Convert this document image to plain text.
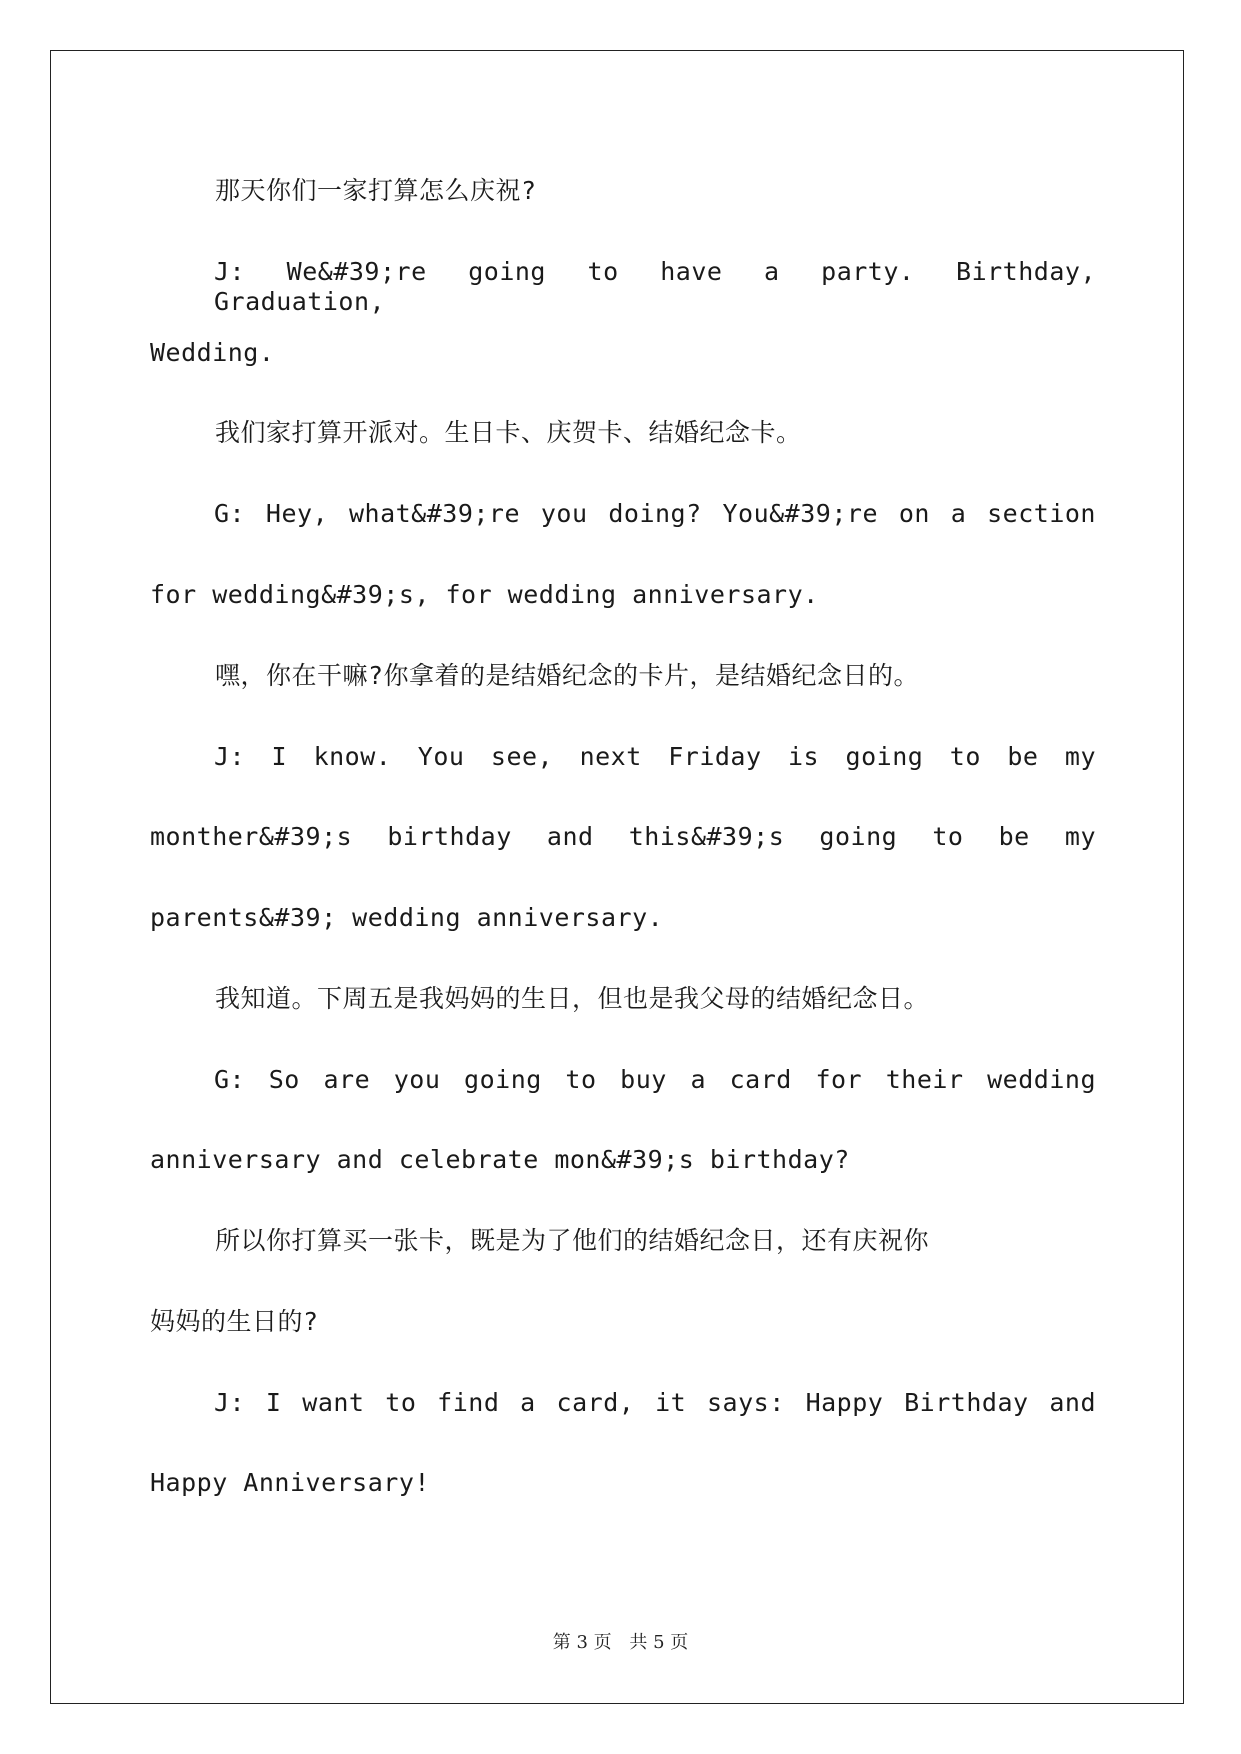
那天你们一家打算怎么庆祝?
J: We&#39;re going to have a party. Birthday, Graduation,
Wedding.
我们家打算开派对。生日卡、庆贺卡、结婚纪念卡。
G: Hey, what&#39;re you doing? You&#39;re on a section
for wedding&#39;s, for wedding anniversary.
嘿，你在干嘛?你拿着的是结婚纪念的卡片，是结婚纪念日的。
J: I know. You see, next Friday is going to be my
monther&#39;s birthday and this&#39;s going to be my
parents&#39; wedding anniversary.
我知道。下周五是我妈妈的生日，但也是我父母的结婚纪念日。
G: So are you going to buy a card for their wedding
anniversary and celebrate mon&#39;s birthday?
所以你打算买一张卡，既是为了他们的结婚纪念日，还有庆祝你
妈妈的生日的?
J: I want to find a card, it says: Happy Birthday and
Happy Anniversary!
第 3 页 共 5 页
